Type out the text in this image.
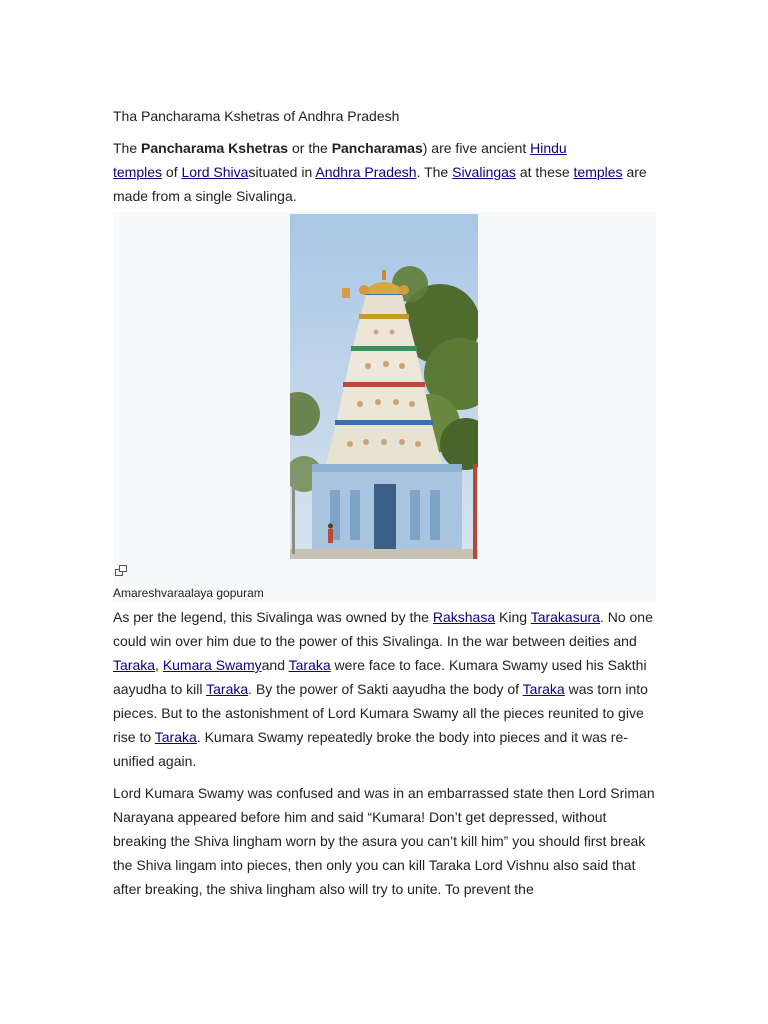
Tha Pancharama Kshetras of Andhra Pradesh

The Pancharama Kshetras or the Pancharamas) are five ancient Hindu
temples of Lord Shivasituated in Andhra Pradesh. The Sivalingas at these temples are made from a single Sivalinga.

Amareshvaraalaya gopuram

As per the legend, this Sivalinga was owned by the Rakshasa King Tarakasura. No one could win over him due to the power of this Sivalinga. In the war between deities and Taraka, Kumara Swamyand Taraka were face to face. Kumara Swamy used his Sakthi aayudha to kill Taraka. By the power of Sakti aayudha the body of Taraka was torn into pieces. But to the astonishment of Lord Kumara Swamy all the pieces reunited to give rise to Taraka. Kumara Swamy repeatedly broke the body into pieces and it was re-unified again.

Lord Kumara Swamy was confused and was in an embarrassed state then Lord Sriman Narayana appeared before him and said “Kumara! Don’t get depressed, without breaking the Shiva lingham worn by the asura you can’t kill him” you should first break the Shiva lingam into pieces, then only you can kill Taraka Lord Vishnu also said that after breaking, the shiva lingham also will try to unite. To prevent the
